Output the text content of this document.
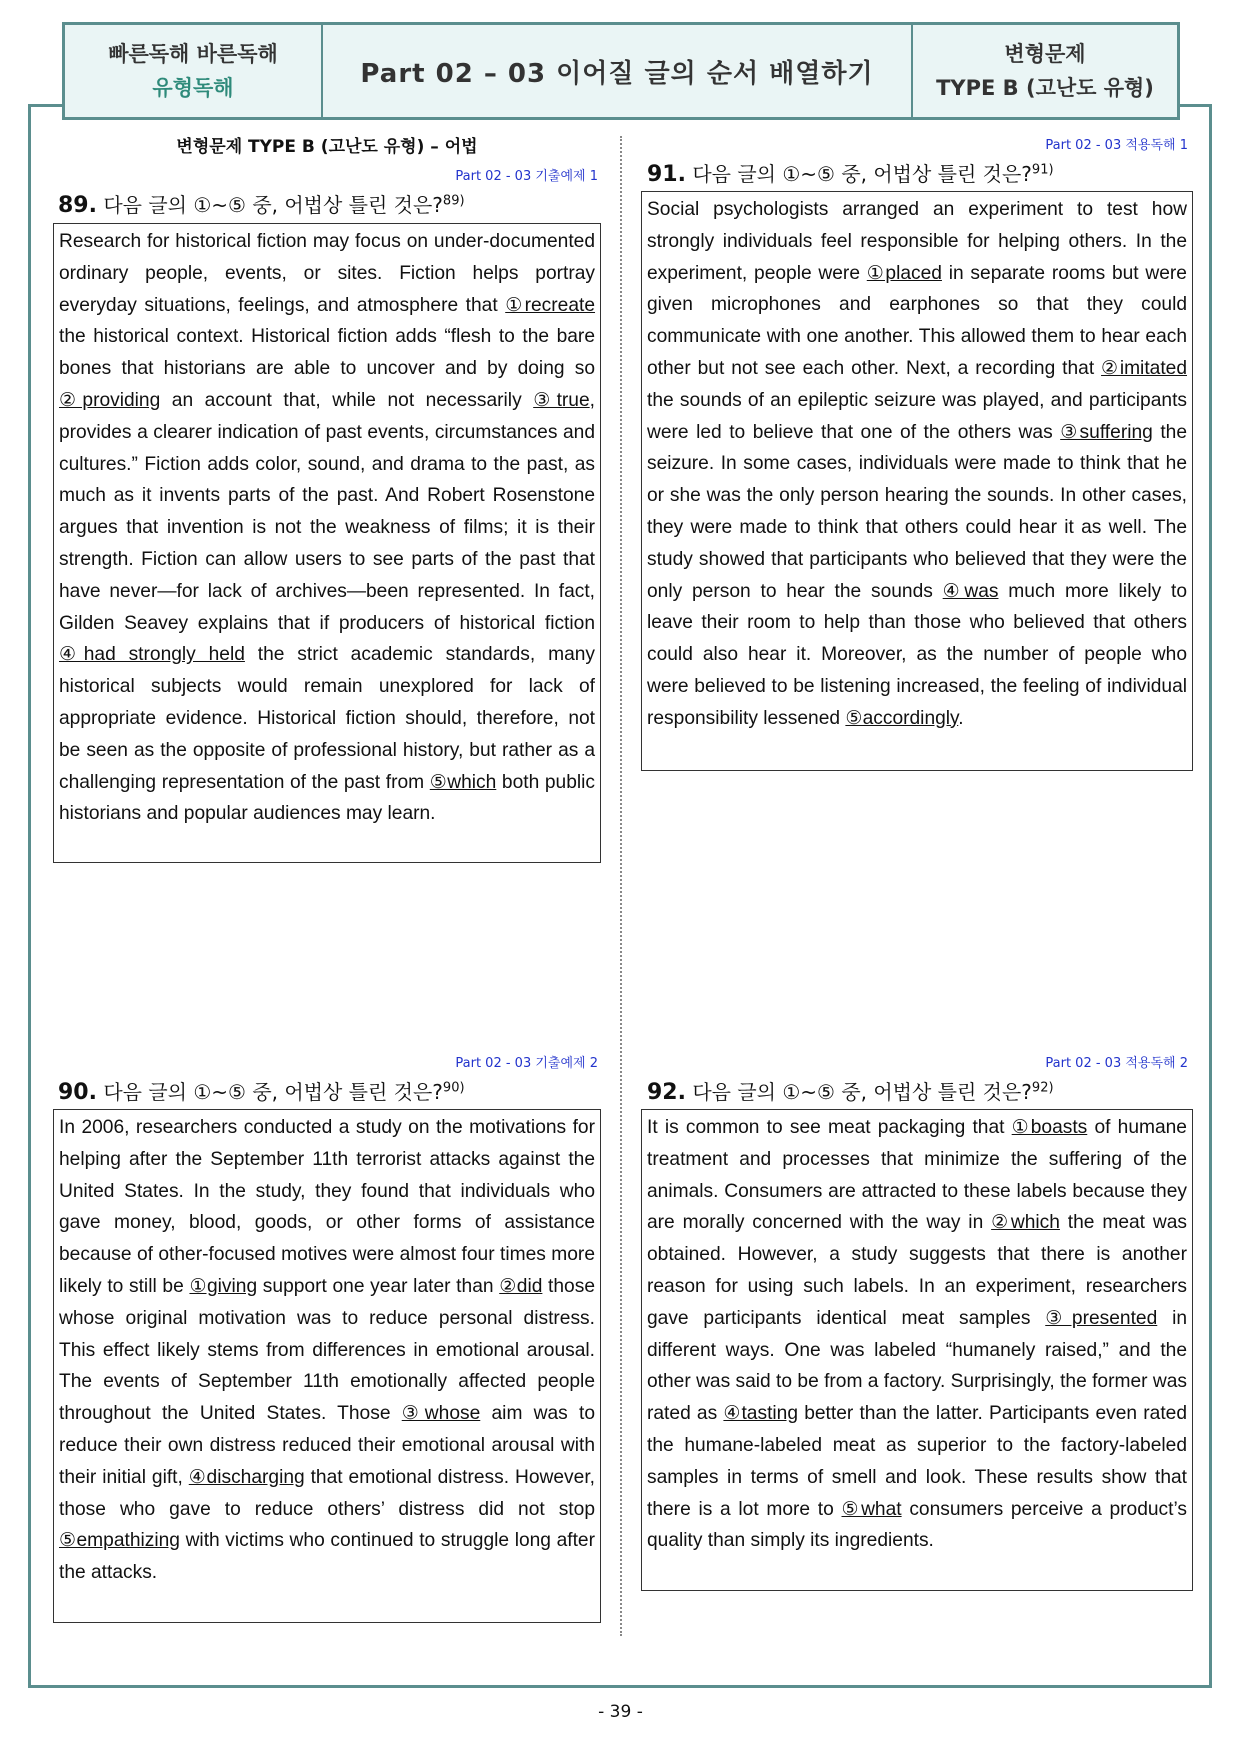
빠른독해 바른독해
유형독해	Part 02 – 03 이어질 글의 순서 배열하기
변형문제
TYPE B (고난도 유형)
변형문제 TYPE B (고난도 유형) – 어법
Part 02 - 03 기출예제 1
89. 다음 글의 ①~⑤ 중, 어법상 틀린 것은?$^{89)}$
Research for historical fiction may focus on under-documented ordinary people, events, or sites. Fiction helps portray everyday situations, feelings, and atmosphere that ①recreate the historical context. Historical fiction adds “flesh to the bare bones that historians are able to uncover and by doing so ②providing an account that, while not necessarily ③true, provides a clearer indication of past events, circumstances and cultures.” Fiction adds color, sound, and drama to the past, as much as it invents parts of the past. And Robert Rosenstone argues that invention is not the weakness of films; it is their strength. Fiction can allow users to see parts of the past that have never—for lack of archives—been represented. In fact, Gilden Seavey explains that if producers of historical fiction ④had strongly held the strict academic standards, many historical subjects would remain unexplored for lack of appropriate evidence. Historical fiction should, therefore, not be seen as the opposite of professional history, but rather as a challenging representation of the past from ⑤which both public historians and popular audiences may learn.
Part 02 - 03 기출예제 2
90. 다음 글의 ①~⑤ 중, 어법상 틀린 것은?$^{90)}$
In 2006, researchers conducted a study on the motivations for helping after the September 11th terrorist attacks against the United States. In the study, they found that individuals who gave money, blood, goods, or other forms of assistance because of other-focused motives were almost four times more likely to still be ①giving support one year later than ②did those whose original motivation was to reduce personal distress. This effect likely stems from differences in emotional arousal. The events of September 11th emotionally affected people throughout the United States. Those ③whose aim was to reduce their own distress reduced their emotional arousal with their initial gift, ④discharging that emotional distress. However, those who gave to reduce others’ distress did not stop ⑤empathizing with victims who continued to struggle long after the attacks.
Part 02 - 03 적용독해 1
91. 다음 글의 ①~⑤ 중, 어법상 틀린 것은?$^{91)}$
Social psychologists arranged an experiment to test how strongly individuals feel responsible for helping others. In the experiment, people were ①placed in separate rooms but were given microphones and earphones so that they could communicate with one another. This allowed them to hear each other but not see each other. Next, a recording that ②imitated the sounds of an epileptic seizure was played, and participants were led to believe that one of the others was ③suffering the seizure. In some cases, individuals were made to think that he or she was the only person hearing the sounds. In other cases, they were made to think that others could hear it as well. The study showed that participants who believed that they were the only person to hear the sounds ④was much more likely to leave their room to help than those who believed that others could also hear it. Moreover, as the number of people who were believed to be listening increased, the feeling of individual responsibility lessened ⑤accordingly.
Part 02 - 03 적용독해 2
92. 다음 글의 ①~⑤ 중, 어법상 틀린 것은?$^{92)}$
It is common to see meat packaging that ①boasts of humane treatment and processes that minimize the suffering of the animals. Consumers are attracted to these labels because they are morally concerned with the way in ②which the meat was obtained. However, a study suggests that there is another reason for using such labels. In an experiment, researchers gave participants identical meat samples ③presented in different ways. One was labeled “humanely raised,” and the other was said to be from a factory. Surprisingly, the former was rated as ④tasting better than the latter. Participants even rated the humane-labeled meat as superior to the factory-labeled samples in terms of smell and look. These results show that there is a lot more to ⑤what consumers perceive a product’s quality than simply its ingredients.
- 39 -
